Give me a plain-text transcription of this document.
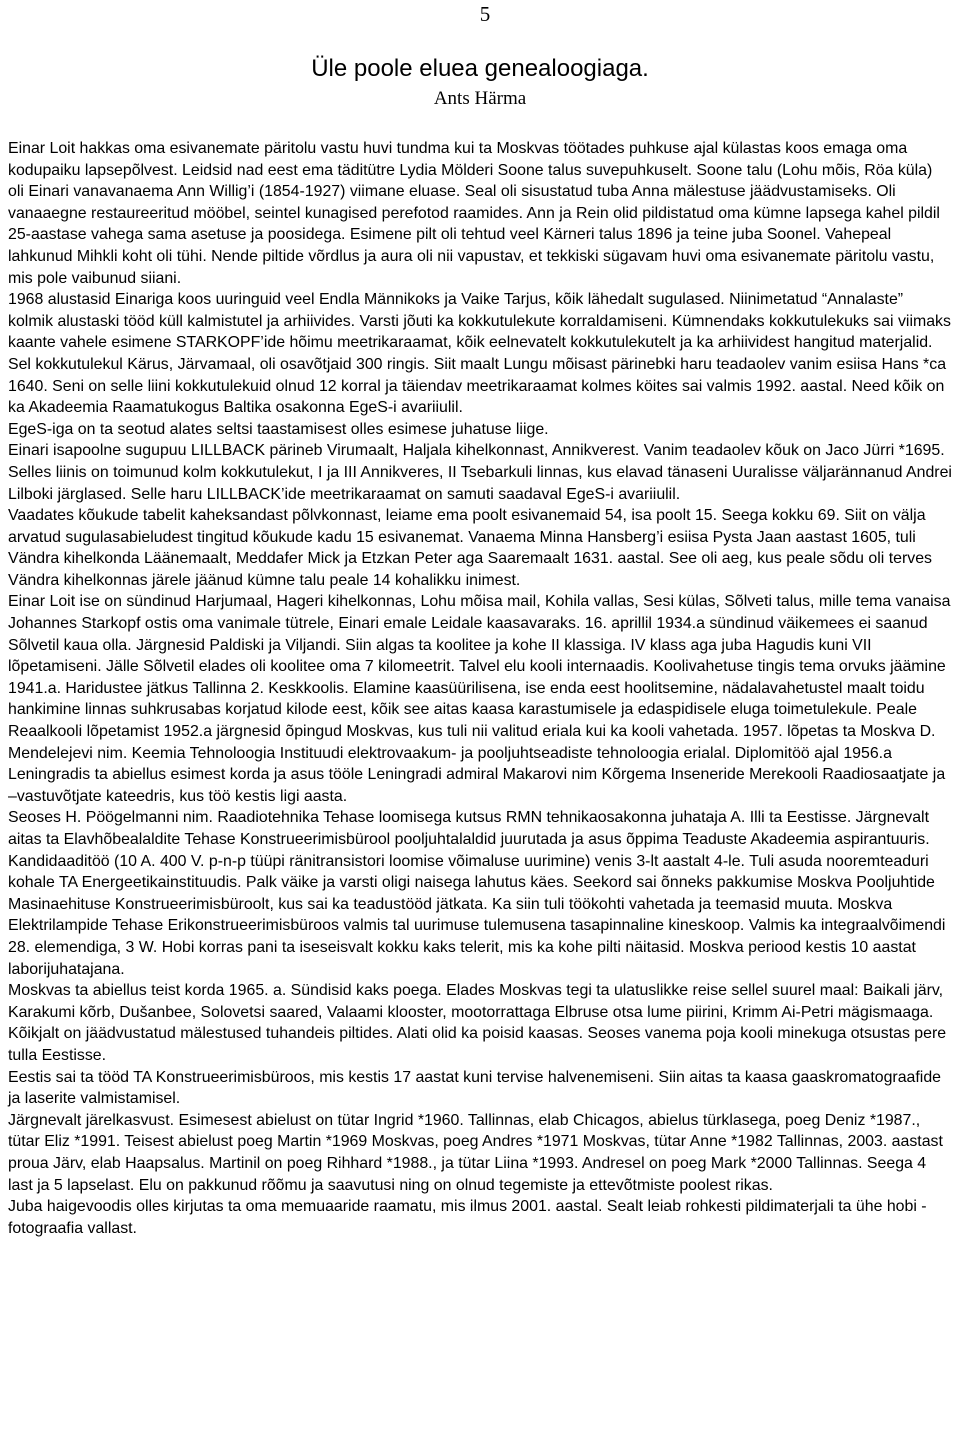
5
Üle poole eluea genealoogiaga.
Ants Härma

Einar Loit hakkas oma esivanemate päritolu vastu huvi tundma kui ta Moskvas töötades puhkuse ajal külastas koos emaga oma kodupaiku lapsepõlvest. Leidsid nad eest ema täditütre Lydia Mölderi Soone talus suvepuhkuselt. Soone talu (Lohu mõis, Röa küla) oli Einari vanavanaema Ann Willig’i (1854-1927) viimane eluase. Seal oli sisustatud tuba Anna mälestuse jäädvustamiseks. Oli vanaaegne restaureeritud mööbel, seintel kunagised perefotod raamides. Ann ja Rein olid pildistatud oma kümne lapsega kahel pildil 25-aastase vahega sama asetuse ja poosidega. Esimene pilt oli tehtud veel Kärneri talus 1896 ja teine juba Soonel. Vahepeal lahkunud Mihkli koht oli tühi. Nende piltide võrdlus ja aura oli nii vapustav, et tekkiski sügavam huvi oma esivanemate päritolu vastu, mis pole vaibunud siiani.

1968 alustasid Einariga koos uuringuid veel Endla Männikoks ja Vaike Tarjus, kõik lähedalt sugulased. Niinimetatud “Annalaste” kolmik alustaski tööd küll kalmistutel ja arhiivides. Varsti jõuti ka kokkutulekute korraldamiseni. Kümnendaks kokkutulekuks sai viimaks kaante vahele esimene STARKOPF’ide hõimu meetrikaraamat, kõik eelnevatelt kokkutulekutelt ja ka arhiividest hangitud materjalid. Sel kokkutulekul Kärus, Järvamaal, oli osavõtjaid 300 ringis. Siit maalt Lungu mõisast pärinebki haru teadaolev vanim esiisa Hans *ca 1640. Seni on selle liini kokkutulekuid olnud 12 korral ja täiendav meetrikaraamat kolmes köites sai valmis 1992. aastal. Need kõik on ka Akadeemia Raamatukogus Baltika osakonna EgeS-i avariiulil.

EgeS-iga on ta seotud alates seltsi taastamisest olles esimese juhatuse liige.

Einari isapoolne sugupuu LILLBACK pärineb Virumaalt, Haljala kihelkonnast, Annikverest. Vanim teadaolev kõuk on Jaco Jürri *1695. Selles liinis on toimunud kolm kokkutulekut, I ja III Annikveres, II Tsebarkuli linnas, kus elavad tänaseni Uuralisse väljarännanud Andrei Lilboki järglased. Selle haru LILLBACK’ide meetrikaraamat on samuti saadaval EgeS-i avariiulil.

Vaadates kõukude tabelit kaheksandast põlvkonnast, leiame ema poolt esivanemaid 54, isa poolt 15. Seega kokku 69. Siit on välja arvatud sugulasabieludest tingitud kõukude kadu 15 esivanemat. Vanaema Minna Hansberg’i esiisa Pysta Jaan aastast 1605, tuli Vändra kihelkonda Läänemaalt, Meddafer Mick ja Etzkan Peter aga Saaremaalt 1631. aastal. See oli aeg, kus peale sõdu oli terves Vändra kihelkonnas järele jäänud kümne talu peale 14 kohalikku inimest.

Einar Loit ise on sündinud Harjumaal, Hageri kihelkonnas, Lohu mõisa mail, Kohila vallas, Sesi külas, Sõlveti talus, mille tema vanaisa Johannes Starkopf ostis oma vanimale tütrele, Einari emale Leidale kaasavaraks. 16. aprillil 1934.a sündinud väikemees ei saanud Sõlvetil kaua olla. Järgnesid Paldiski ja Viljandi. Siin algas ta koolitee ja kohe II klassiga. IV klass aga juba Hagudis kuni VII lõpetamiseni. Jälle Sõlvetil elades oli koolitee oma 7 kilomeetrit. Talvel elu kooli internaadis. Koolivahetuse tingis tema orvuks jäämine 1941.a. Haridustee jätkus Tallinna 2. Keskkoolis. Elamine kaasüürilisena, ise enda eest hoolitsemine, nädalavahetustel maalt toidu hankimine linnas suhkrusabas korjatud kilode eest, kõik see aitas kaasa karastumisele ja edaspidisele eluga toimetulekule. Peale Reaalkooli lõpetamist 1952.a järgnesid õpingud Moskvas, kus tuli nii valitud eriala kui ka kooli vahetada. 1957. lõpetas ta Moskva D. Mendelejevi nim. Keemia Tehnoloogia Instituudi elektrovaakum- ja pooljuhtseadiste tehnoloogia erialal. Diplomitöö ajal 1956.a Leningradis ta abiellus esimest korda ja asus tööle Leningradi admiral Makarovi nim Kõrgema Inseneride Merekooli Raadiosaatjate ja –vastuvõtjate kateedris, kus töö kestis ligi aasta.

Seoses H. Pöögelmanni nim. Raadiotehnika Tehase loomisega kutsus RMN tehnikaosakonna juhataja A. Illi ta Eestisse. Järgnevalt aitas ta Elavhõbealaldite Tehase Konstrueerimisbürool pooljuhtalaldid juurutada ja asus õppima Teaduste Akadeemia aspirantuuris. Kandidaaditöö (10 A. 400 V. p-n-p tüüpi ränitransistori loomise võimaluse uurimine) venis 3-lt aastalt 4-le. Tuli asuda nooremteaduri kohale TA Energeetikainstituudis. Palk väike ja varsti oligi naisega lahutus käes. Seekord sai õnneks pakkumise Moskva Pooljuhtide Masinaehituse Konstrueerimisbüroolt, kus sai ka teadustööd jätkata. Ka siin tuli töökohti vahetada ja teemasid muuta. Moskva Elektrilampide Tehase Erikonstrueerimisbüroos valmis tal uurimuse tulemusena tasapinnaline kineskoop. Valmis ka integraalvõimendi 28. elemendiga, 3 W. Hobi korras pani ta iseseisvalt kokku kaks telerit, mis ka kohe pilti näitasid. Moskva periood kestis 10 aastat laborijuhatajana.

Moskvas ta abiellus teist korda 1965. a. Sündisid kaks poega. Elades Moskvas tegi ta ulatuslikke reise sellel suurel maal: Baikali järv, Karakumi kõrb, Dušanbee, Solovetsi saared, Valaami klooster, mootorrattaga Elbruse otsa lume piirini, Krimm Ai-Petri mägismaaga. Kõikjalt on jäädvustatud mälestused tuhandeis piltides. Alati olid ka poisid kaasas. Seoses vanema poja kooli minekuga otsustas pere tulla Eestisse.

Eestis sai ta tööd TA Konstrueerimisbüroos, mis kestis 17 aastat kuni tervise halvenemiseni. Siin aitas ta kaasa gaaskromatograafide ja laserite valmistamisel.

Järgnevalt järelkasvust. Esimesest abielust on tütar Ingrid *1960. Tallinnas, elab Chicagos, abielus türklasega, poeg Deniz *1987., tütar Eliz *1991. Teisest abielust poeg Martin *1969 Moskvas, poeg Andres *1971 Moskvas, tütar Anne *1982 Tallinnas, 2003. aastast proua Järv, elab Haapsalus. Martinil on poeg Rihhard *1988., ja tütar Liina *1993. Andresel on poeg Mark *2000 Tallinnas. Seega 4 last ja 5 lapselast. Elu on pakkunud rõõmu ja saavutusi ning on olnud tegemiste ja ettevõtmiste poolest rikas.

Juba haigevoodis olles kirjutas ta oma memuaaride raamatu, mis ilmus 2001. aastal. Sealt leiab rohkesti pildimaterjali ta ühe hobi - fotograafia vallast.
